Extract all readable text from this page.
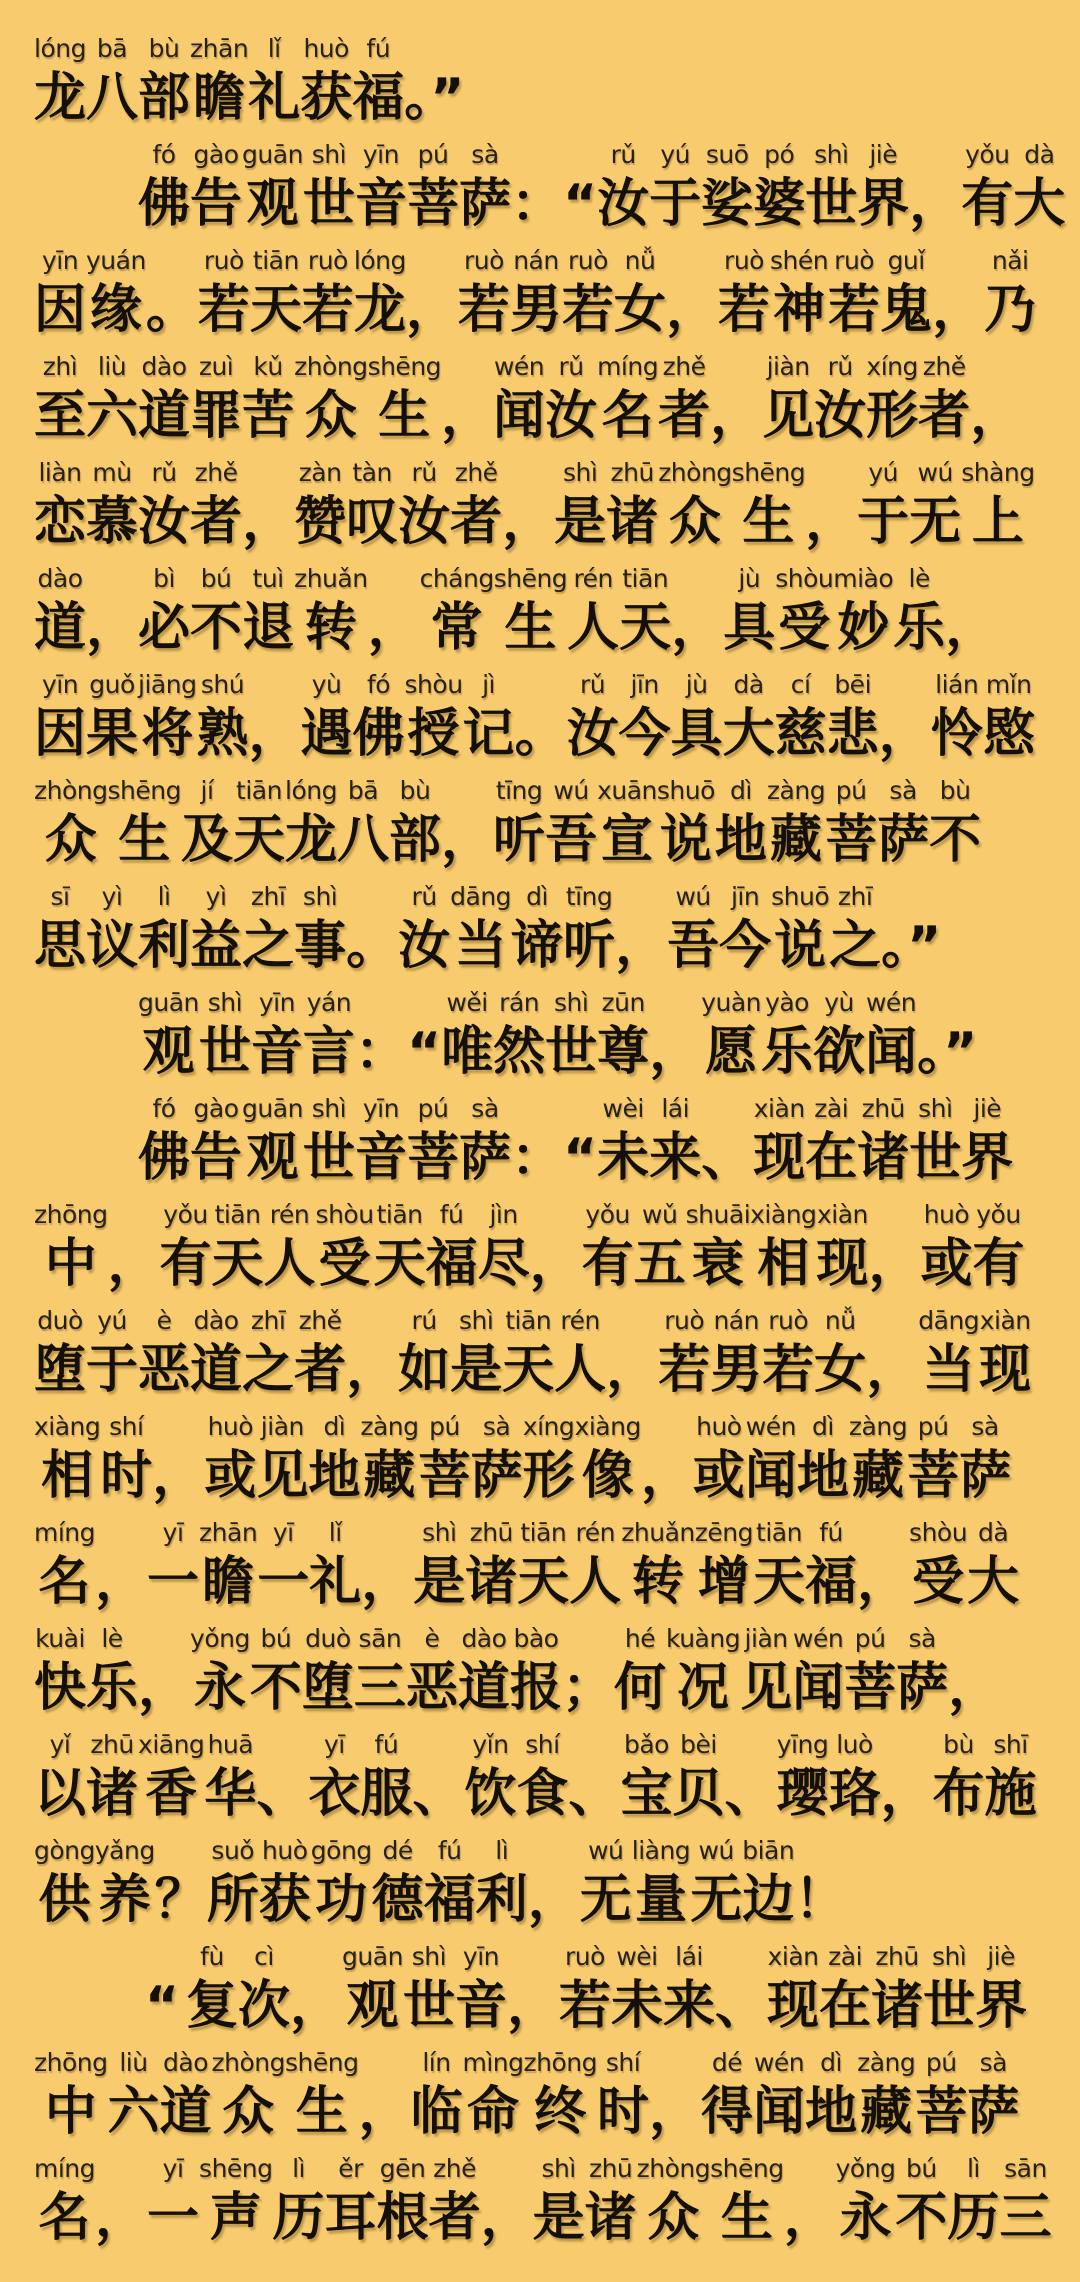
lóng
龙
bā
八
bù
部
zhān
瞻
lǐ
礼
huò
获
fú
福 。”
fó
佛
gào
告
guān
观
shì
世
yīn
音
pú
菩
sà
萨 ：“
rǔ
汝
yú
于
suō
娑
pó
婆
shì
世
jiè
界 ，
yǒu
有
dà
大
yīn
因
yuán
缘 。
ruò
若
tiān
天
ruò
若
lóng
龙 ，
ruò
若
nán
男
ruò
若
nǚ
女 ，
ruò
若
shén
神
ruò
若
guǐ
鬼 ，
nǎi
乃
zhì
至
liù
六
dào
道
zuì
罪
kǔ
苦
zhòng
众
shēng
生 ，
wén
闻
rǔ
汝
míng
名
zhě
者 ，
jiàn
见
rǔ
汝
xíng
形
zhě
者 ，
liàn
恋
mù
慕
rǔ
汝
zhě
者 ，
zàn
赞
tàn
叹
rǔ
汝
zhě
者 ，
shì
是
zhū
诸
zhòng
众
shēng
生 ，
yú
于
wú
无
shàng
上
dào
道 ，
bì
必
bú
不
tuì
退
zhuǎn
转 ，
cháng
常
shēng
生
rén
人
tiān
天 ，
jù
具
shòu
受
miào
妙
lè
乐 ，
yīn
因
guǒ
果
jiāng
将
shú
熟 ，
yù
遇
fó
佛
shòu
授
jì
记 。
rǔ
汝
jīn
今
jù
具
dà
大
cí
慈
bēi
悲 ，
lián
怜
mǐn
愍
zhòng
众
shēng
生
jí
及
tiān
天
lóng
龙
bā
八
bù
部 ，
tīng
听
wú
吾
xuān
宣
shuō
说
dì
地
zàng
藏
pú
菩
sà
萨
bù
不
sī
思
yì
议
lì
利
yì
益
zhī
之
shì
事 。
rǔ
汝
dāng
当
dì
谛
tīng
听 ，
wú
吾
jīn
今
shuō
说
zhī
之 。”
guān
观
shì
世
yīn
音
yán
言 ：“
wěi
唯
rán
然
shì
世
zūn
尊 ，
yuàn
愿
yào
乐
yù
欲
wén
闻 。”
fó
佛
gào
告
guān
观
shì
世
yīn
音
pú
菩
sà
萨 ：“
wèi
未
lái
来 、
xiàn
现
zài
在
zhū
诸
shì
世
jiè
界
zhōng
中 ，
yǒu
有
tiān
天
rén
人
shòu
受
tiān
天
fú
福
jìn
尽 ，
yǒu
有
wǔ
五
shuāi
衰
xiàng
相
xiàn
现 ，
huò
或
yǒu
有
duò
堕
yú
于
è
恶
dào
道
zhī
之
zhě
者 ，
rú
如
shì
是
tiān
天
rén
人 ，
ruò
若
nán
男
ruò
若
nǚ
女 ，
dāng
当
xiàn
现
xiàng
相
shí
时 ，
huò
或
jiàn
见
dì
地
zàng
藏
pú
菩
sà
萨
xíng
形
xiàng
像 ，
huò
或
wén
闻
dì
地
zàng
藏
pú
菩
sà
萨
míng
名 ，
yī
一
zhān
瞻
yī
一
lǐ
礼 ，
shì
是
zhū
诸
tiān
天
rén
人
zhuǎn
转
zēng
增
tiān
天
fú
福 ，
shòu
受
dà
大
kuài
快
lè
乐 ，
yǒng
永
bú
不
duò
堕
sān
三
è
恶
dào
道
bào
报 ；
hé
何
kuàng
况
jiàn
见
wén
闻
pú
菩
sà
萨 ，
yǐ
以
zhū
诸
xiāng
香
huā
华 、
yī
衣
fú
服 、
yǐn
饮
shí
食 、
bǎo
宝
bèi
贝 、
yīng
璎
luò
珞 ，
bù
布
shī
施
gòng
供
yǎng
养 ？
suǒ
所
huò
获
gōng
功
dé
德
fú
福
lì
利 ，
wú
无
liàng
量
wú
无
biān
边 ！
“
fù
复
cì
次 ，
guān
观
shì
世
yīn
音 ，
ruò
若
wèi
未
lái
来 、
xiàn
现
zài
在
zhū
诸
shì
世
jiè
界
zhōng
中
liù
六
dào
道
zhòng
众
shēng
生 ，
lín
临
mìng
命
zhōng
终
shí
时 ，
dé
得
wén
闻
dì
地
zàng
藏
pú
菩
sà
萨
míng
名 ，
yī
一
shēng
声
lì
历
ěr
耳
gēn
根
zhě
者 ，
shì
是
zhū
诸
zhòng
众
shēng
生 ，
yǒng
永
bú
不
lì
历
sān
三
